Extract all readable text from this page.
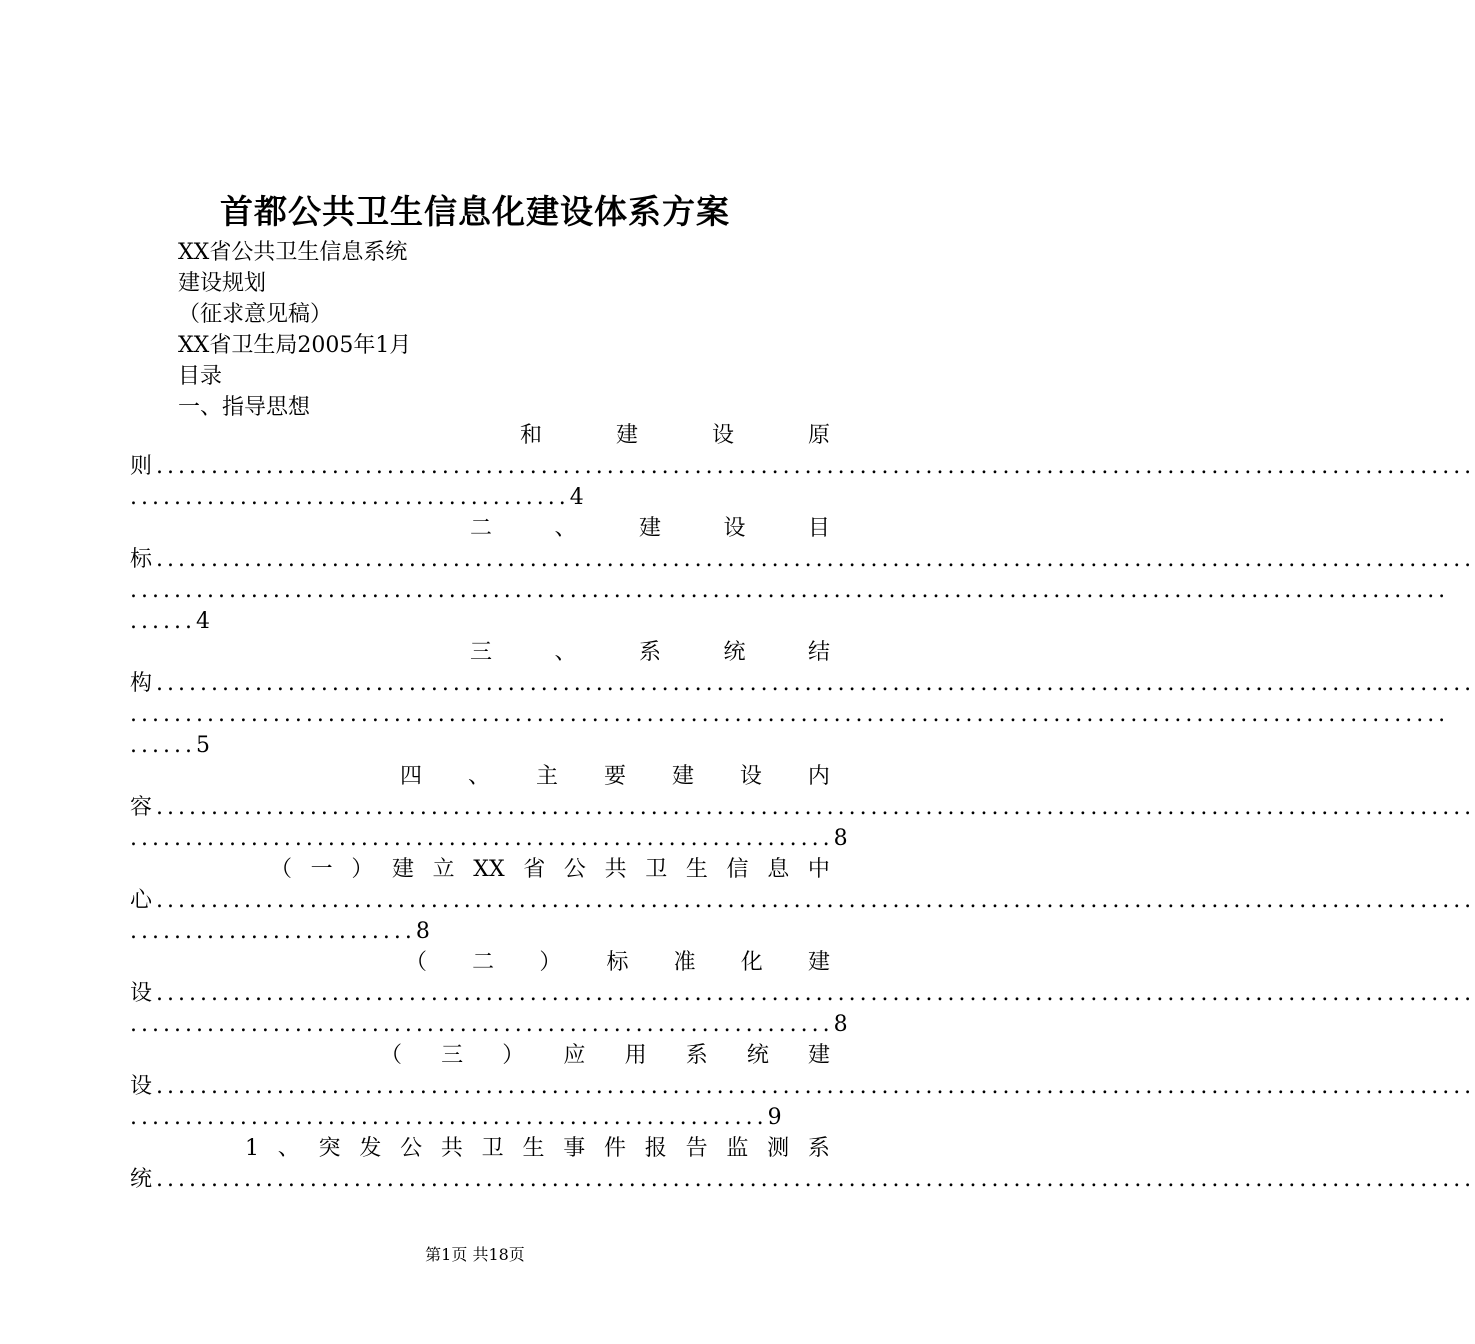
首都公共卫生信息化建设体系方案
XX省公共卫生信息系统
建设规划
（征求意见稿）
XX省卫生局2005年1月
目录
一、指导思想
和	建	设	原
则........................................................................................................................
........................................4
二	、	建	设	目
标........................................................................................................................
........................................................................................................................
......4
三	、	系	统	结
构........................................................................................................................
........................................................................................................................
......5
四 、 主 要 建 设 内
容........................................................................................................................
................................................................8
（ 一 ） 建 立 XX 省 公 共 卫 生 信 息 中
心........................................................................................................................
..........................8
（ 二 ） 标 准 化 建
设........................................................................................................................
................................................................8
（ 三 ） 应 用 系 统 建
设........................................................................................................................
..........................................................9
1 、 突 发 公 共 卫 生 事 件 报 告 监 测 系
统........................................................................................................................
第1页 共18页
